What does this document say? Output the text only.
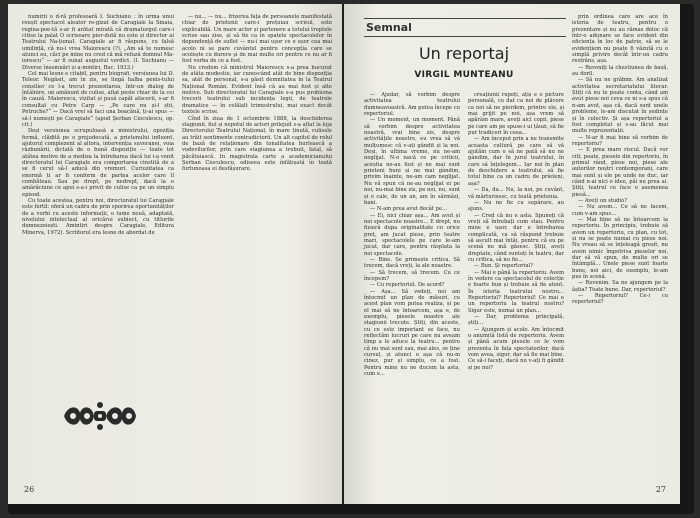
numirii o d-ră profesoară I. Suchianu : în urma unui reușit spectacol aleator re-gizat de Caragiale la Sinaia, regina-poe-tă s-ar fi arătat mirată că dramaturgul care-i citise la palat O scrisoare pier-dută nu este și director al Teatrului Na-ționaI. Caragiale ar fi răspuns, cu falsă umilință, că nu-i vrea Maiorescu (?). „Am să te numesc atunci eu, căci pe mine nu cred că mă refuză domnul Ma-iorescu“ — ar fi sunat augustul verdict. (I. Suchianu — Diverse însemnări și a-mintiri, Buc. 1933.)

Cel mai lesne e citabil, pentru biografi, versiunea lui D. Teleor. Negăsit, am în zis, se lingă halba penis-tului consilier ce l-a trecut prezentarea, într-un dialog de întâlnire, un amănunt de culise, aflat peste chiar de la cei în cauză. Maiorescu, vizitat și pusă capăt afacerii, s-ar fi consultat cu Petre Carp — „Pe care nu și-l știi, Petruche?“ — Dacă vrei să faci una boacănă, ți-ai spus — să-l numești pe Caragiale“ (apud Șerban Cioculescu, op. cit.)

Deși versiunea scrupuloasă a ministrului, opoziția fermă, clădită pe o prejudecată, a prietenului influent, ajutorul complezent al altora, intervenția suveranei, voia răzbunării, dictată de o bună dispoziție — toate tot atâtea motive de a mediza la întrebarea dacă lui i-a venit directoratul lui Caragiale era comportarea cinstită de a se fi cerut să-l aducă din vremuri. Curiozitatea ca enormă ți ar fi conform de partea acelor care îl combăteau. Sau pe drept, pe nedrept, dacă la o amărăciune ce apoi s-a-i privit de culise ca pe un simplu episod.

Cu toate acestea, pentru noi, directoratul lui Caragiale este fertil: oferă un cadru de prin sporirea oportunităților de a vorbi cu aceste informații, o lume nouă, adaptată, nivelului intelectual al oricărui subiect, cu titlurile dumnezeiești. Amintiri despre Caragiale, Editura Minerva, 1972). Scriitorul era lesne de abordat de

— nu... — nu... frizerea fața de persoanele manifestată chiar de prietenii care-i prețuiau scrisul, este explicabilă. Un mare actor și partenere a totului treptele scrise sau zise, și să fie ca în spatele spectacolelor în dependență de suflet — nu-i mai ușor ce e ușor cea mai acolo ni se pare cuvântul pentru concepția care se ocolește cu durere și de mai multe ori pentru ce nu ar fi fost vorba de ce a fost.

Nu credem că ministrul Maiorescu s-a prea bucurat de atâta modestie, iar cunoscând atât de bine dispoziția sa, atât de personal, s-a găsit demnitatea în la Teatrul Național Român. Evident însă că au mai fost și alte motive. Sub directoratul lui Caragiale s-a pus problema trecerii teatrului sub incidența legii, de teatrele dramatice — în celălalt trimestrului, mai exact decât textele scrise.

Cînd în ziua de 1 octombrie 1888, la deschiderea stagiunii, fiul și nepotul de actori prilejuit s-a aflat la loja Directorului Teatrului Național, în mare ținută, culisele au trăit sentimente contradictorii. Un alt capitol de rolul de bază de relaționare din tonalitatea burlească a vodevilurilor, prin care stagiunea a trebuit, fatal, să păcătuiască. In magistrala carte a academicianului Șerban Cioculescu, odiseea este înfățișată în toată furtunoasa ei desfășurare.

26
Semnal
Un reportaj
VIRGIL MUNTEANU

— Ajudar, să vorbim despre activitatea teatrului dumneavoastră. Am putea începe cu repertoriul.

— Un moment, un moment. Până să vorbim despre activitatea noastră, vrai bine zis, despre activitățile noastre, eu vrea să vă mulțumesc că v-ați gândit și la noi. Deși, în ultima vreme, nu ne-am neglijat. N-o nacă ce pe criticii, aceștia ne-au fost și ne mai sunt prieteni buni și ne mai gândim, privim înainte, ne-am cam neglijat. Nu vă spun că ne-au neglijat ei pe noi, nu-mai bine zis, pe noi, nu, sunt și o cale, de un an, am în sărmăzi, bani.

— N-am prea avut decât pe...

— Ei, nici chiar așa... Am avut și noi spectacole noastre... E drept, nu fuseră dupa originalitate cu orice preț, am jucat piese, prin teatre mari, spectacolele pe care le-am jucat, dar care, pentru răsplata la noi spectacole.

— Bine. Se primește critica. Să trecem, dacă vreți, la ale noastre.

— Să trecem, să trecem. Cu ce începem?

— Cu repertoriul. De acord?

— Așa... Să vedeți, noi am întocmit un plan de măsuri, cu acest plan vom putea realiza, și pe el mai să ne întoarcem, așa e, de exemplu, piesele noastre ale stagiunii trecute. Știți, din aceste, cu ce este important se face, nu reflectăm lucruri pe care nu aveam timp a le aduce la teatru... pentru că nu mai sunt sau, mai ales, se ține cursul, și atunci o așa că nu-m cinez, pur și simplu, ce a fost. Pentru mine nu ne ducem la asta, cum e...

creațiunii rupeți, ațiș e o picture personală, cu dat ca noi de plăcere ca noi să ne pierdem, printre ele, și mai grijit pe noi, așa vrem să apărăm mare, aveți aici copii, piese pe care am pe spuse-i ui țăuzi, să fie pur tradiceri în ceea...

— Am început prin a ne transmite aceasta cultură pe care să vă ajutăm cum o să ne pată să nu ne gândim, dar în jurul teatrului, în care să înțelegem... Iar noi în plan de deschidere a teatrului, să fie totul bine ca un cadru de prieteni, așa?

— Da, da... Nu, la noi, pe cuvânt, vă mărturisesc, cu toată prietenia.

— Nu ne fie cu supărare, au ajuns.

— Cred că nu e asta. Spuneți că vreți să întrebați cum stau. Pentru mine e ușor, dar e întrebarea complicată, ca să răspund trebuie să ascult mai întâi, pentru că eu pe scenă nu mă găsesc. Știți, aveți dreptate, când sunteți în teatru, dar cu critica, să nu fie...

— Bun. Și repertoriul?

— Mai e până la repertoriu. Avem în vedere ca spectacolul de colecție e foarte bun și trebuie să fie atent. În istoria teatrului nostru... Repertoriul? Repertoriul! Ce mai e un repertoriu la teatrul nostru? Sigur este, numai un plan...

— Dar, problema principală, știți...

— Ajungem și acolo. Am întocmit o anumită listă de repertoriu. Avem și până acum piesele ce le vom prezenta în fața spectatorilor, dacă vom avea, sigur, dar să fie mai bine. Ce să-i faceți, dacă nu v-ați fi gândit și pe noi?

prin ordinea care are ace în istoria de teatru, pentru o prezentare și nu au rămas deloc că într-o adunare se face evident din eficiența în loc de patrie, să se le evidențiem nu poate fi văzută cu o simplă privire decât într-un cadru restrâns, așa.

— Reveniți la chestiunea de bază, au doril.

— Să nu ne grăbim. Am analizat activitatea secretariatului literar. Știți că nu te poate conta, când am avut piese noi ceva ce ni s-a spus că n-am avut, așa că, dacă sunt unele probleme, le-am discutat în ședințe și în colectiv. Și așa repertoriul a fost completat și s-au făcut mai multe reprezentații.

— N-ar fi mai bine să vorbim de repertoriu?

— E prea mare riscul. Dacă vor citi, poate, piesele din repertoriu, în primul rând, piese noi, piese ale autorilor noștri contemporani, care mai sunt și ele pe unde ne duc, iar când n-ai nici o idee, păi nu prea ai. Știți, teatrul ce face o asemenea piesă...

— Aveți un studio?

— Nu avem... Ce să ne facem, cum v-am spus...

— Mai bine să ne întoarcem la repertoriu. În principiu, trebuie să avem un repertoriu, cu plan, cu tot, și nu se poate numai cu piese noi. Nu vreau să se înțeleagă greșit, nu avem nimic împotriva pieselor noi, dar să vă spun, de multe ori se întâmplă... Unele piese sunt foarte bune, noi aici, de exemplu, le-am pus în scenă.

— Revenim. Sa ne ajungem pe la ăștia? Toate bune. Dar, repertoriul?

— Repertoriul? Ce-i cu repertoriul?

27
